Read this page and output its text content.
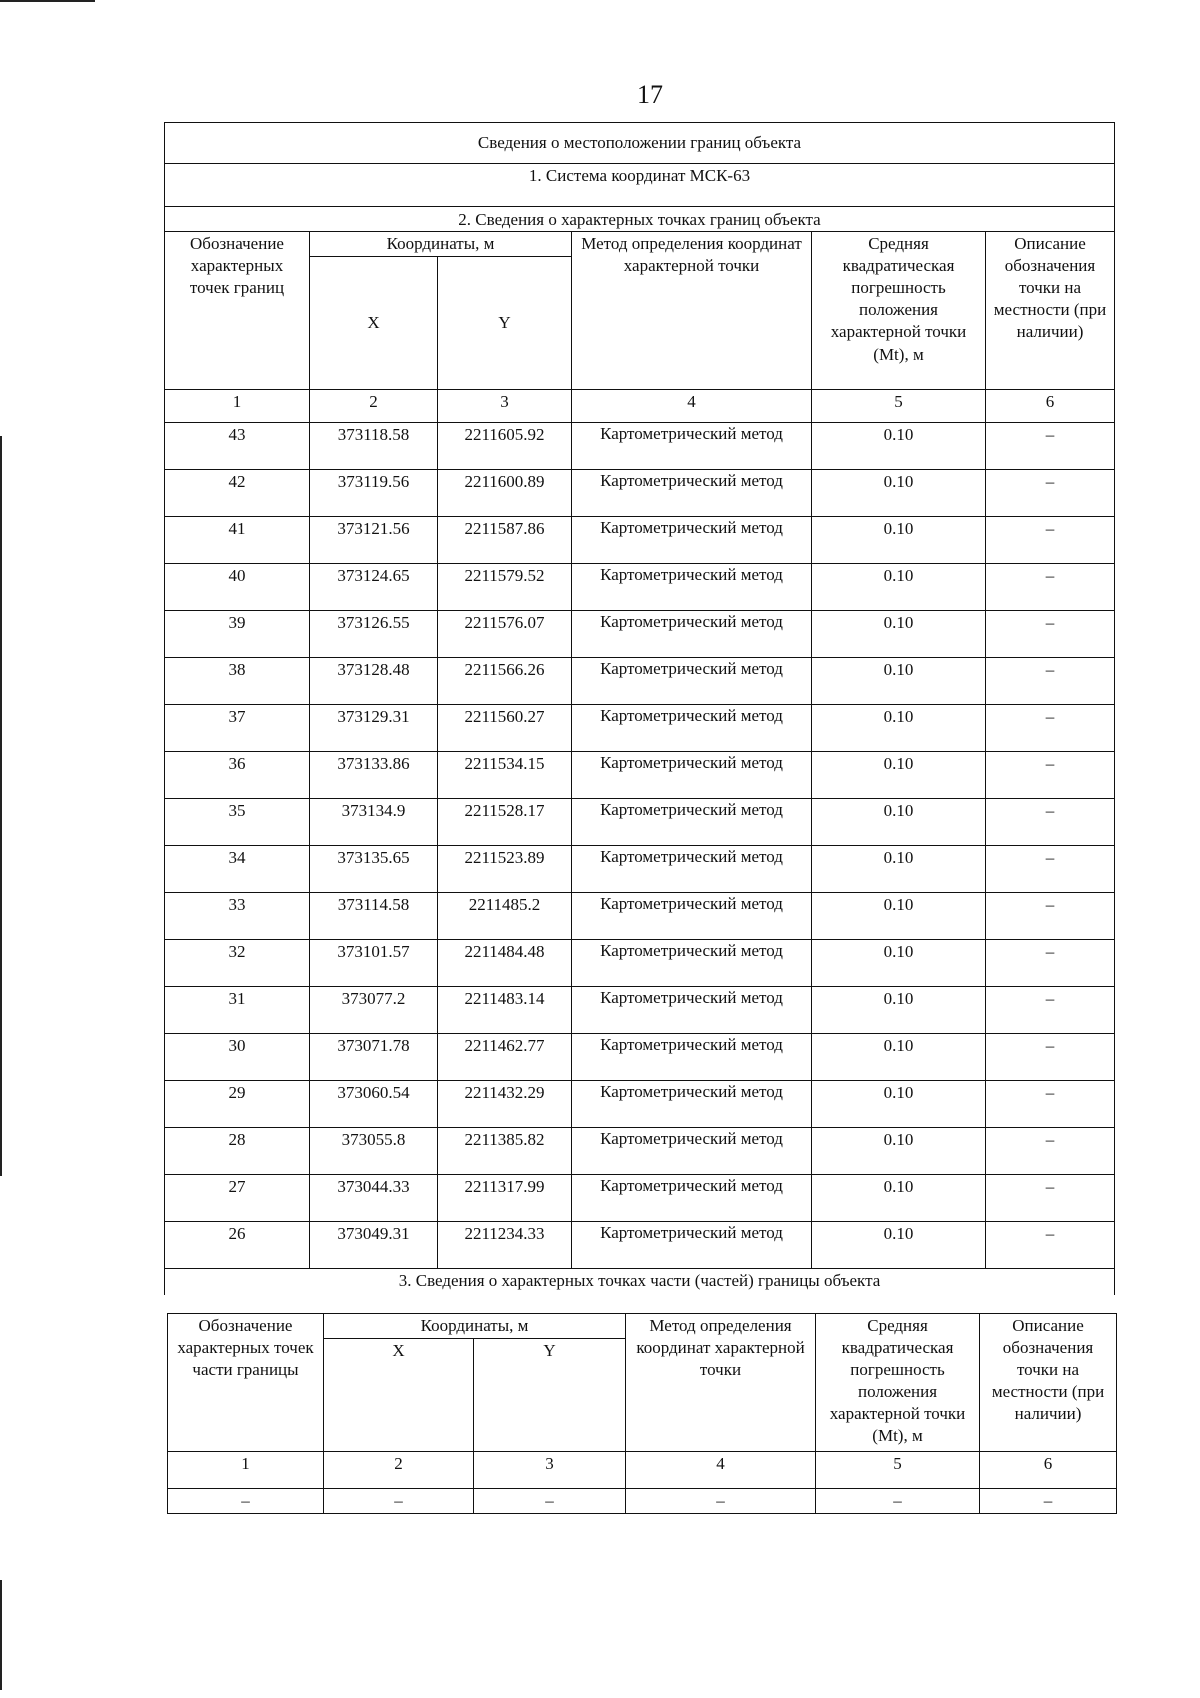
17
Сведения о местоположении границ объекта					
1. Система координат МСК-63					
2. Сведения о характерных точках границ объекта					
Обозначение характерных точек границ	Координаты, м		Метод определения координат характерной точки	Средняя квадратическая погрешность положения характерной точки (Mt), м	Описание обозначения точки на местности (при наличии)
	X	Y			
1	2	3	4	5	6
43	373118.58	2211605.92	Картометрический метод	0.10	–
42	373119.56	2211600.89	Картометрический метод	0.10	–
41	373121.56	2211587.86	Картометрический метод	0.10	–
40	373124.65	2211579.52	Картометрический метод	0.10	–
39	373126.55	2211576.07	Картометрический метод	0.10	–
38	373128.48	2211566.26	Картометрический метод	0.10	–
37	373129.31	2211560.27	Картометрический метод	0.10	–
36	373133.86	2211534.15	Картометрический метод	0.10	–
35	373134.9	2211528.17	Картометрический метод	0.10	–
34	373135.65	2211523.89	Картометрический метод	0.10	–
33	373114.58	2211485.2	Картометрический метод	0.10	–
32	373101.57	2211484.48	Картометрический метод	0.10	–
31	373077.2	2211483.14	Картометрический метод	0.10	–
30	373071.78	2211462.77	Картометрический метод	0.10	–
29	373060.54	2211432.29	Картометрический метод	0.10	–
28	373055.8	2211385.82	Картометрический метод	0.10	–
27	373044.33	2211317.99	Картометрический метод	0.10	–
26	373049.31	2211234.33	Картометрический метод	0.10	–
3. Сведения о характерных точках части (частей) границы объекта					
Обозначение характерных точек части границы	Координаты, м		Метод определения координат характерной точки	Средняя квадратическая погрешность положения характерной точки (Mt), м	Описание обозначения точки на местности (при наличии)
	X	Y			
1	2	3	4	5	6
–	–	–	–	–	–
